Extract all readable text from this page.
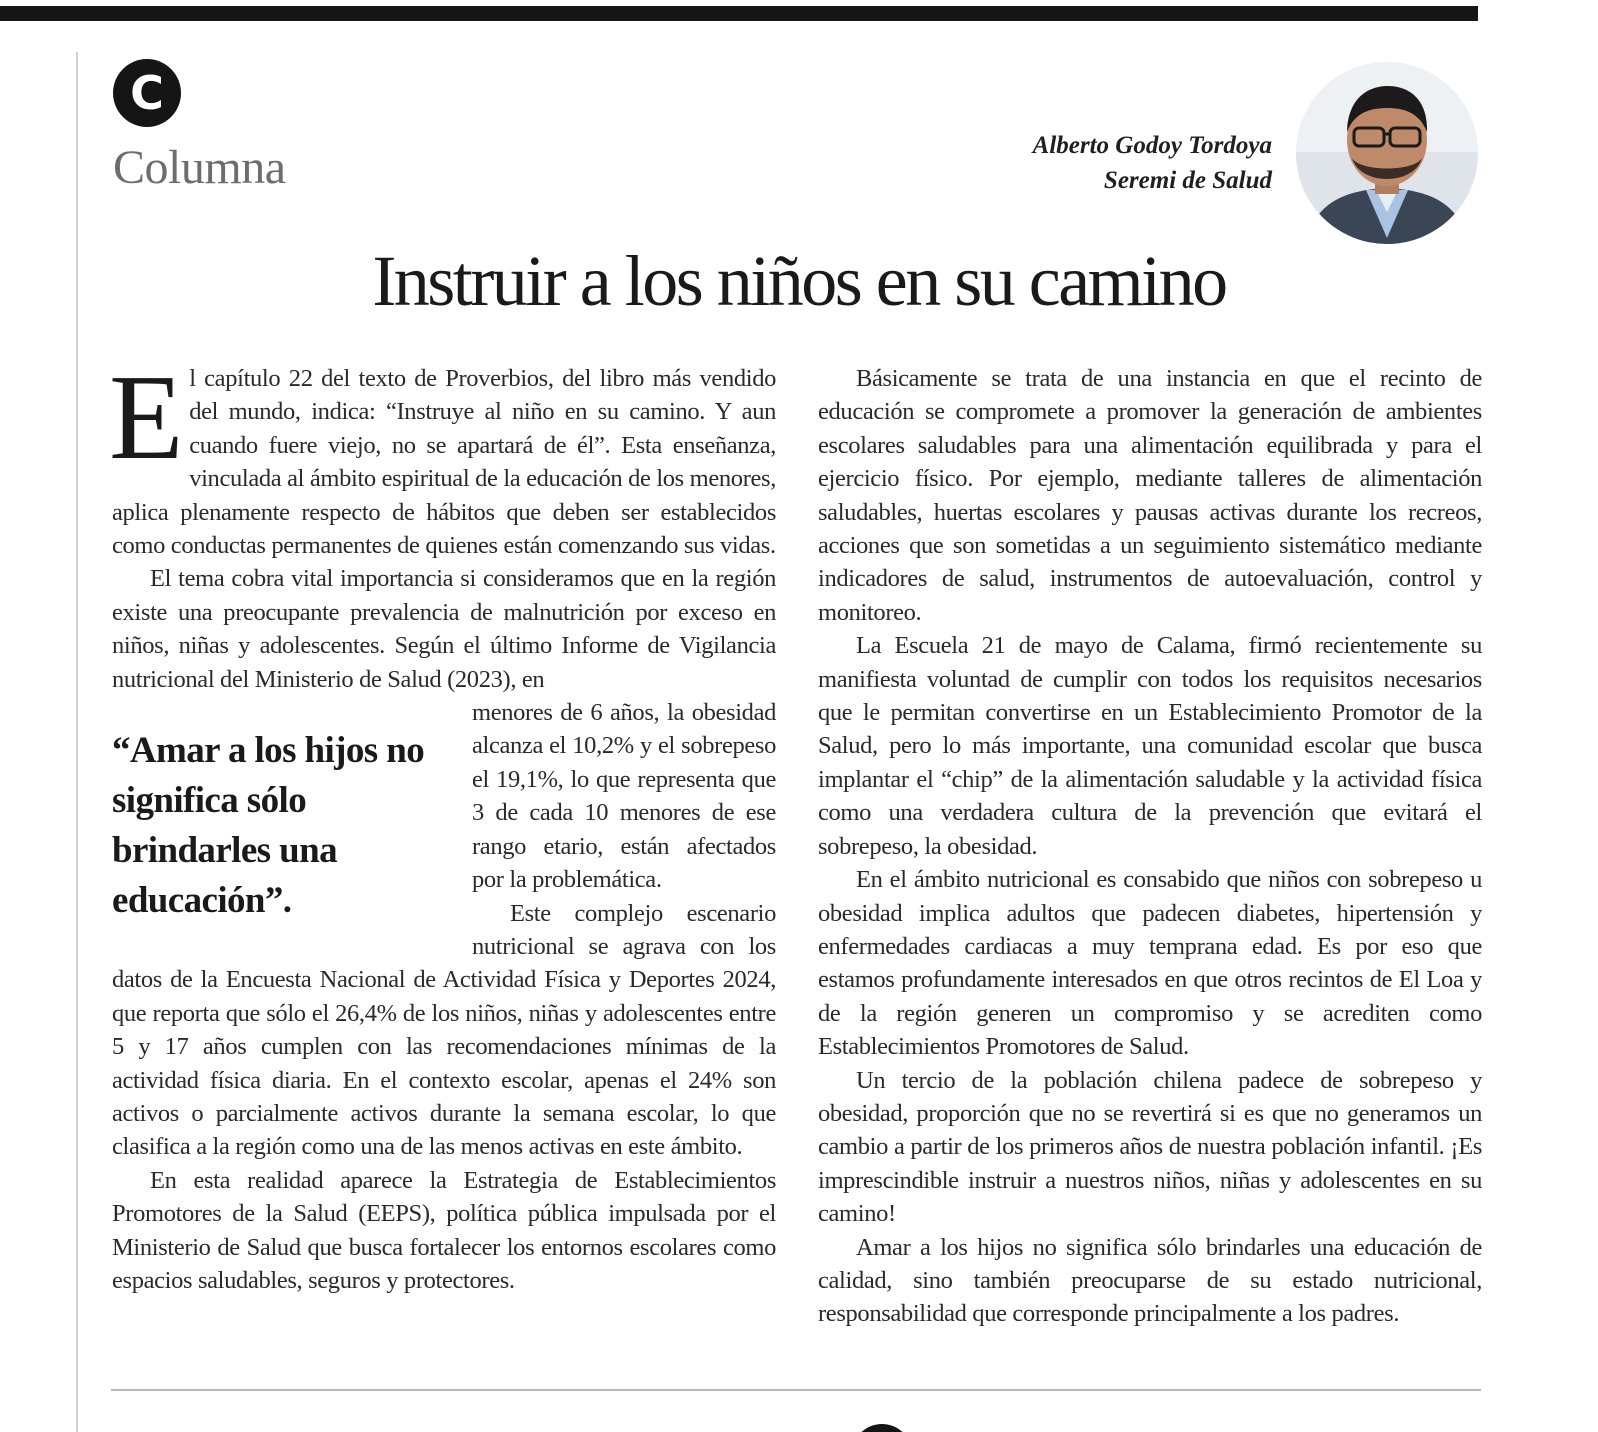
C
Columna	Alberto Godoy Tordoya
Seremi de Salud
Instruir a los niños en su camino

El capítulo 22 del texto de Proverbios, del libro más vendido del mundo, indica: “Instruye al niño en su camino. Y aun cuando fuere viejo, no se apartará de él”. Esta enseñanza, vinculada al ámbito espiritual de la educación de los menores, aplica plenamente respecto de hábitos que deben ser establecidos como conductas permanentes de quienes están comenzando sus vidas.

El tema cobra vital importancia si consideramos que en la región existe una preocupante prevalencia de malnutrición por exceso en niños, niñas y adolescentes. Según el último Informe de Vigilancia nutricional del Ministerio de Salud (2023), en

“Amar a los hijos no significa sólo brindarles una educación”.

menores de 6 años, la obesidad alcanza el 10,2% y el sobrepeso el 19,1%, lo que representa que 3 de cada 10 menores de ese rango etario, están afectados por la problemática.

Este complejo escenario nutricional se agrava con los datos de la Encuesta Nacional de Actividad Física y Deportes 2024, que reporta que sólo el 26,4% de los niños, niñas y adolescentes entre 5 y 17 años cumplen con las recomendaciones mínimas de la actividad física diaria. En el contexto escolar, apenas el 24% son activos o parcialmente activos durante la semana escolar, lo que clasifica a la región como una de las menos activas en este ámbito.

En esta realidad aparece la Estrategia de Establecimientos Promotores de la Salud (EEPS), política pública impulsada por el Ministerio de Salud que busca fortalecer los entornos escolares como espacios saludables, seguros y protectores.

Básicamente se trata de una instancia en que el recinto de educación se compromete a promover la generación de ambientes escolares saludables para una alimentación equilibrada y para el ejercicio físico. Por ejemplo, mediante talleres de alimentación saludables, huertas escolares y pausas activas durante los recreos, acciones que son sometidas a un seguimiento sistemático mediante indicadores de salud, instrumentos de autoevaluación, control y monitoreo.

La Escuela 21 de mayo de Calama, firmó recientemente su manifiesta voluntad de cumplir con todos los requisitos necesarios que le permitan convertirse en un Establecimiento Promotor de la Salud, pero lo más importante, una comunidad escolar que busca implantar el “chip” de la alimentación saludable y la actividad física como una verdadera cultura de la prevención que evitará el sobrepeso, la obesidad.

En el ámbito nutricional es consabido que niños con sobrepeso u obesidad implica adultos que padecen diabetes, hipertensión y enfermedades cardiacas a muy temprana edad. Es por eso que estamos profundamente interesados en que otros recintos de El Loa y de la región generen un compromiso y se acrediten como Establecimientos Promotores de Salud.

Un tercio de la población chilena padece de sobrepeso y obesidad, proporción que no se revertirá si es que no generamos un cambio a partir de los primeros años de nuestra población infantil. ¡Es imprescindible instruir a nuestros niños, niñas y adolescentes en su camino!

Amar a los hijos no significa sólo brindarles una educación de calidad, sino también preocuparse de su estado nutricional, responsabilidad que corresponde principalmente a los padres.
